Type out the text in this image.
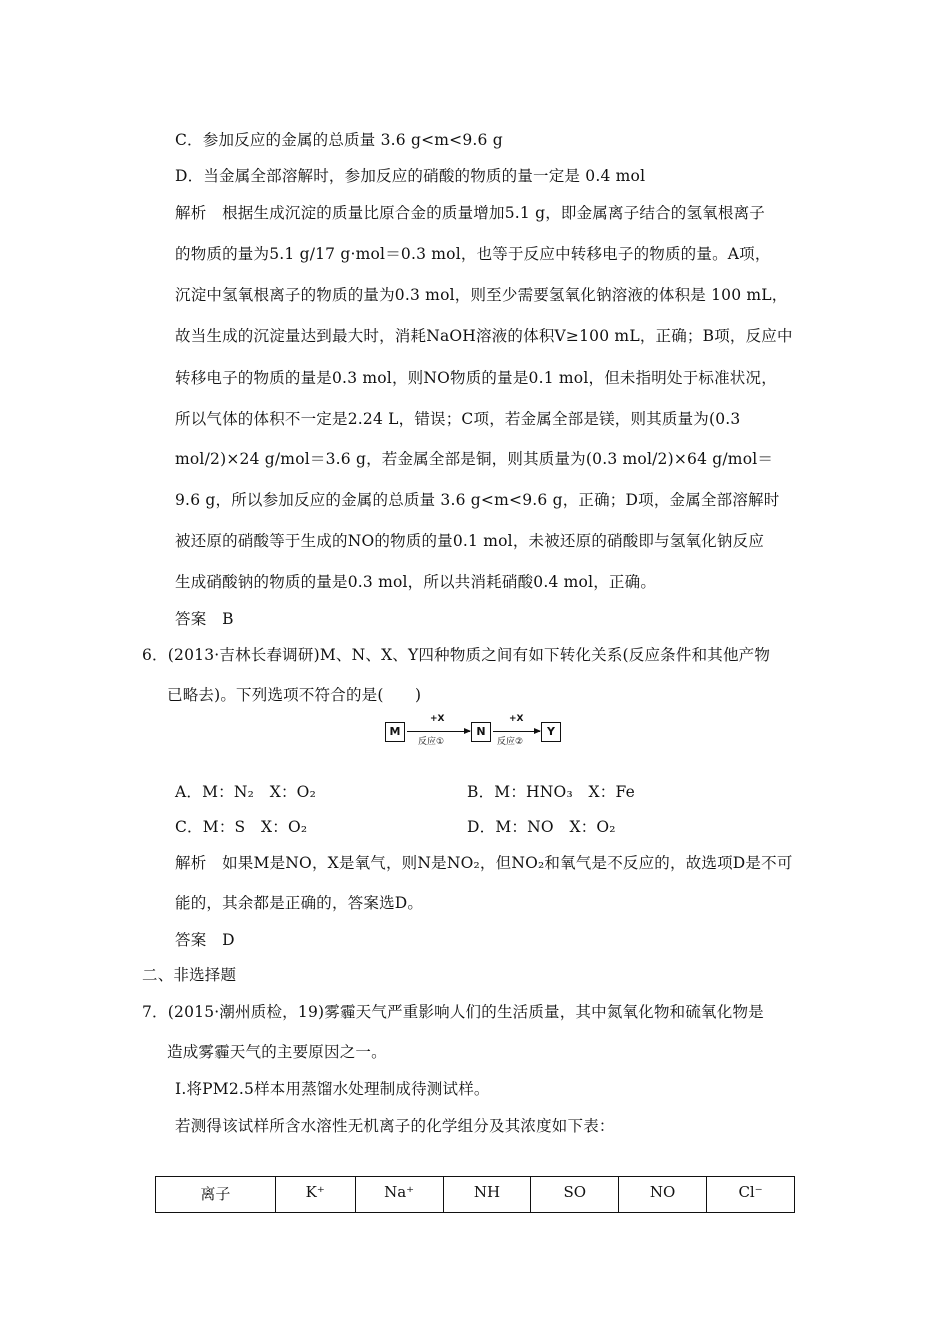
C．参加反应的金属的总质量 3.6 g<m<9.6 g
D．当金属全部溶解时，参加反应的硝酸的物质的量一定是 0.4 mol
解析　根据生成沉淀的质量比原合金的质量增加5.1 g，即金属离子结合的氢氧根离子
的物质的量为5.1 g/17 g·mol＝0.3 mol，也等于反应中转移电子的物质的量。A项，
沉淀中氢氧根离子的物质的量为0.3 mol，则至少需要氢氧化钠溶液的体积是 100 mL，
故当生成的沉淀量达到最大时，消耗NaOH溶液的体积V≥100 mL，正确；B项，反应中
转移电子的物质的量是0.3 mol，则NO物质的量是0.1 mol，但未指明处于标准状况，
所以气体的体积不一定是2.24 L，错误；C项，若金属全部是镁，则其质量为(0.3
mol/2)×24 g/mol＝3.6 g，若金属全部是铜，则其质量为(0.3 mol/2)×64 g/mol＝
9.6 g，所以参加反应的金属的总质量 3.6 g<m<9.6 g，正确；D项，金属全部溶解时
被还原的硝酸等于生成的NO的物质的量0.1 mol，未被还原的硝酸即与氢氧化钠反应
生成硝酸钠的物质的量是0.3 mol，所以共消耗硝酸0.4 mol，正确。
答案　B
6．(2013·吉林长春调研)M、N、X、Y四种物质之间有如下转化关系(反应条件和其他产物
已略去)。下列选项不符合的是(　　)
M
+X
反应①
N
+X
反应②
Y
A．M：N₂　X：O₂	B．M：HNO₃　X：Fe
C．M：S　X：O₂	D．M：NO　X：O₂
解析　如果M是NO，X是氧气，则N是NO₂，但NO₂和氧气是不反应的，故选项D是不可
能的，其余都是正确的，答案选D。
答案　D
二、非选择题
7．(2015·潮州质检，19)雾霾天气严重影响人们的生活质量，其中氮氧化物和硫氧化物是
造成雾霾天气的主要原因之一。
Ⅰ.将PM2.5样本用蒸馏水处理制成待测试样。
若测得该试样所含水溶性无机离子的化学组分及其浓度如下表：
离子	K⁺	Na⁺	NH	SO	NO	Cl⁻
